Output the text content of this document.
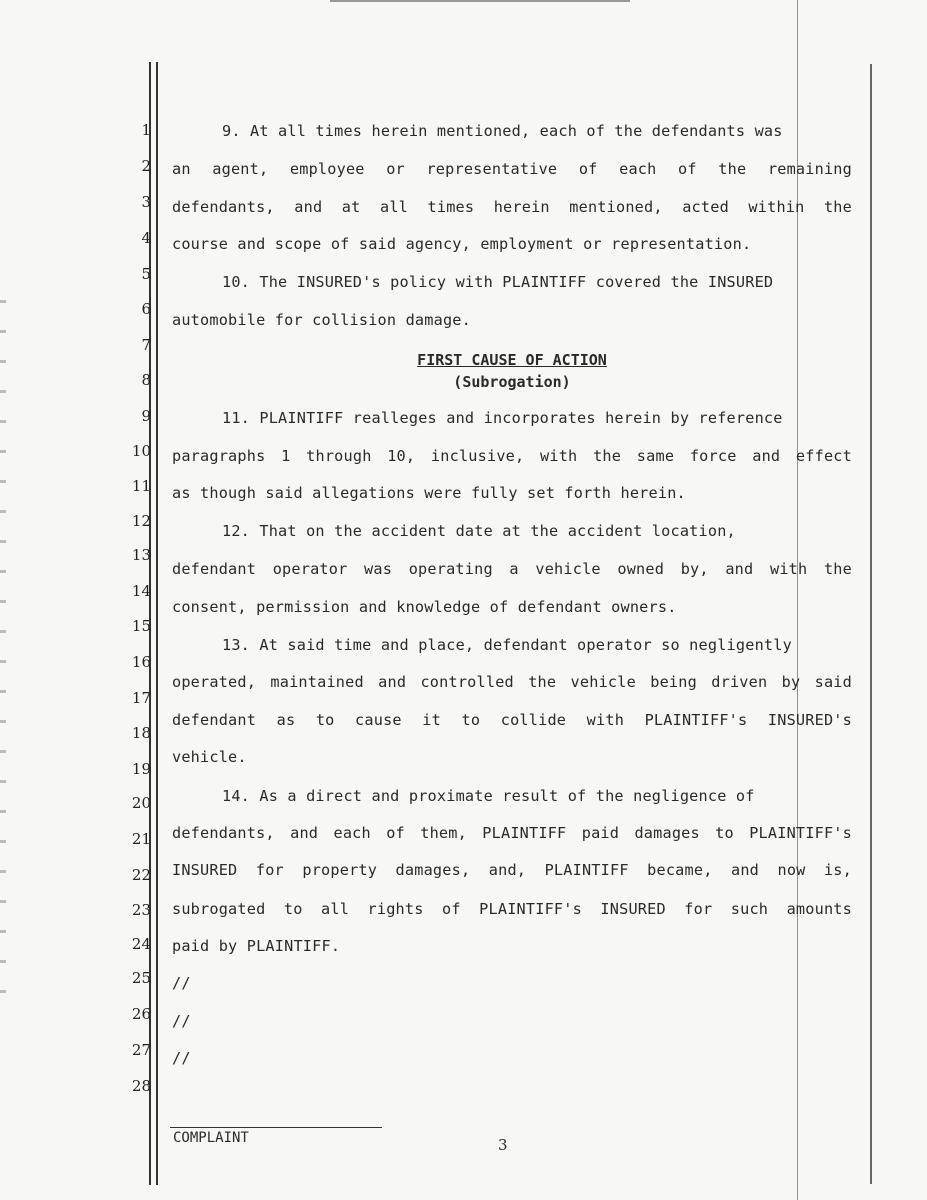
1
2
3
4
5
6
7
8
9
10
11
12
13
14
15
16
17
18
19
20
21
22
23
24
25
26
27
28
9. At all times herein mentioned, each of the defendants was
an agent, employee or representative of each of the remaining
defendants, and at all times herein mentioned, acted within the
course and scope of said agency, employment or representation.
10. The INSURED's policy with PLAINTIFF covered the INSURED
automobile for collision damage.
FIRST CAUSE OF ACTION
(Subrogation)
11. PLAINTIFF realleges and incorporates herein by reference
paragraphs 1 through 10, inclusive, with the same force and effect
as though said allegations were fully set forth herein.
12. That on the accident date at the accident location,
defendant operator was operating a vehicle owned by, and with the
consent, permission and knowledge of defendant owners.
13. At said time and place, defendant operator so negligently
operated, maintained and controlled the vehicle being driven by said
defendant as to cause it to collide with PLAINTIFF's INSURED's
vehicle.
14. As a direct and proximate result of the negligence of
defendants, and each of them, PLAINTIFF paid damages to PLAINTIFF's
INSURED for property damages, and, PLAINTIFF became, and now is,
subrogated to all rights of PLAINTIFF's INSURED for such amounts
paid by PLAINTIFF.
//
//
//
COMPLAINT	3
